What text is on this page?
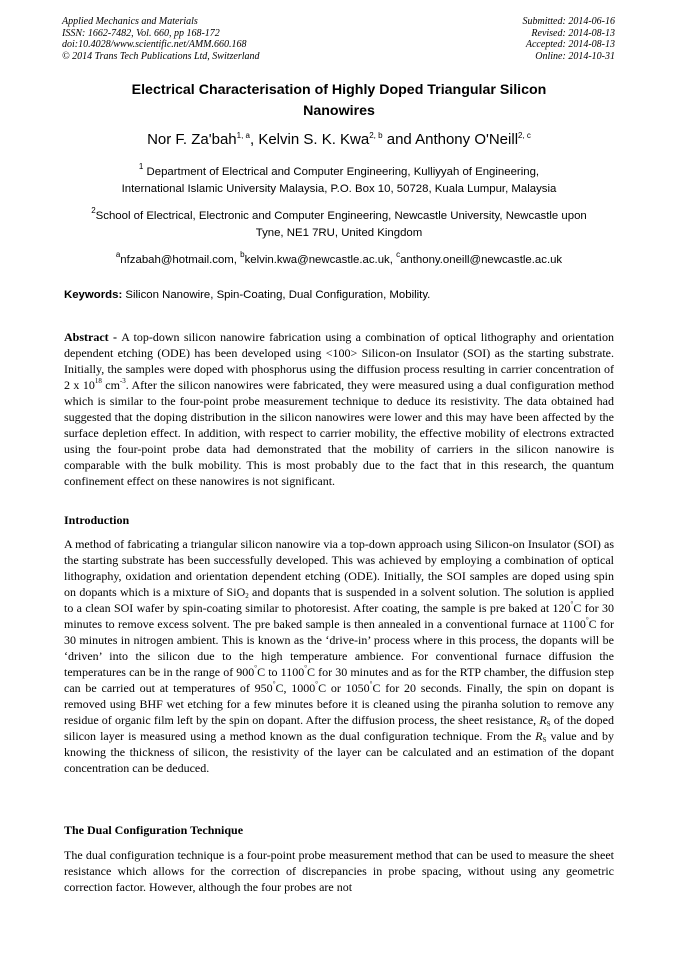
Applied Mechanics and Materials
ISSN: 1662-7482, Vol. 660, pp 168-172
doi:10.4028/www.scientific.net/AMM.660.168
© 2014 Trans Tech Publications Ltd, Switzerland
Submitted: 2014-06-16
Revised: 2014-08-13
Accepted: 2014-08-13
Online: 2014-10-31
Electrical Characterisation of Highly Doped Triangular Silicon
Nanowires
Nor F. Za'bah$^{1, a}$, Kelvin S. K. Kwa$^{2, b}$ and Anthony O'Neill$^{2, c}$
$^1$ Department of Electrical and Computer Engineering, Kulliyyah of Engineering,
International Islamic University Malaysia, P.O. Box 10, 50728, Kuala Lumpur, Malaysia
$^2$School of Electrical, Electronic and Computer Engineering, Newcastle University, Newcastle upon
Tyne, NE1 7RU, United Kingdom
$^a$nfzabah@hotmail.com, $^b$kelvin.kwa@newcastle.ac.uk, $^c$anthony.oneill@newcastle.ac.uk
Keywords: Silicon Nanowire, Spin-Coating, Dual Configuration, Mobility.
Abstract - A top-down silicon nanowire fabrication using a combination of optical lithography and orientation dependent etching (ODE) has been developed using <100> Silicon-on Insulator (SOI) as the starting substrate. Initially, the samples were doped with phosphorus using the diffusion process resulting in carrier concentration of 2 x $10^{18}$ $cm^{-3}$. After the silicon nanowires were fabricated, they were measured using a dual configuration method which is similar to the four-point probe measurement technique to deduce its resistivity. The data obtained had suggested that the doping distribution in the silicon nanowires were lower and this may have been affected by the surface depletion effect. In addition, with respect to carrier mobility, the effective mobility of electrons extracted using the four-point probe data had demonstrated that the mobility of carriers in the silicon nanowire is comparable with the bulk mobility. This is most probably due to the fact that in this research, the quantum confinement effect on these nanowires is not significant.
Introduction
A method of fabricating a triangular silicon nanowire via a top-down approach using Silicon-on Insulator (SOI) as the starting substrate has been successfully developed. This was achieved by employing a combination of optical lithography, oxidation and orientation dependent etching (ODE). Initially, the SOI samples are doped using spin on dopants which is a mixture of SiO$_2$ and dopants that is suspended in a solvent solution. The solution is applied to a clean SOI wafer by spin-coating similar to photoresist. After coating, the sample is pre baked at 120°C for 30 minutes to remove excess solvent. The pre baked sample is then annealed in a conventional furnace at 1100°C for 30 minutes in nitrogen ambient. This is known as the ‘drive-in’ process where in this process, the dopants will be ‘driven’ into the silicon due to the high temperature ambience. For conventional furnace diffusion the temperatures can be in the range of 900°C to 1100°C for 30 minutes and as for the RTP chamber, the diffusion step can be carried out at temperatures of 950°C, 1000°C or 1050°C for 20 seconds. Finally, the spin on dopant is removed using BHF wet etching for a few minutes before it is cleaned using the piranha solution to remove any residue of organic film left by the spin on dopant. After the diffusion process, the sheet resistance, $R_S$ of the doped silicon layer is measured using a method known as the dual configuration technique. From the $R_S$ value and by knowing the thickness of silicon, the resistivity of the layer can be calculated and an estimation of the dopant concentration can be deduced.
The Dual Configuration Technique
The dual configuration technique is a four-point probe measurement method that can be used to measure the sheet resistance which allows for the correction of discrepancies in probe spacing, without using any geometric correction factor. However, although the four probes are not
